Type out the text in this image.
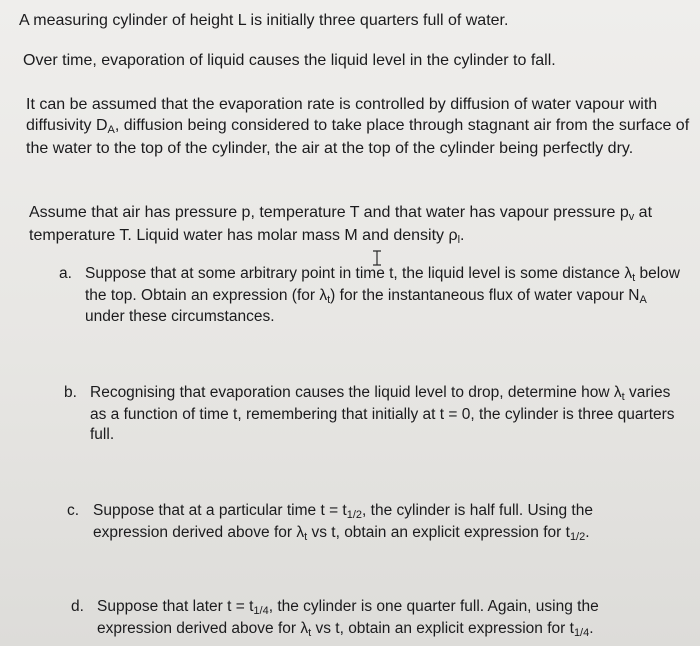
A measuring cylinder of height L is initially three quarters full of water.

Over time, evaporation of liquid causes the liquid level in the cylinder to fall.

It can be assumed that the evaporation rate is controlled by diffusion of water vapour with diffusivity DA, diffusion being considered to take place through stagnant air from the surface of the water to the top of the cylinder, the air at the top of the cylinder being perfectly dry.

Assume that air has pressure p, temperature T and that water has vapour pressure pv at temperature T. Liquid water has molar mass M and density ρl.

a. Suppose that at some arbitrary point in time t, the liquid level is some distance λt below the top. Obtain an expression (for λt) for the instantaneous flux of water vapour NA under these circumstances.
b. Recognising that evaporation causes the liquid level to drop, determine how λt varies as a function of time t, remembering that initially at t = 0, the cylinder is three quarters full.
c. Suppose that at a particular time t = t1/2, the cylinder is half full. Using the expression derived above for λt vs t, obtain an explicit expression for t1/2.
d. Suppose that later t = t1/4, the cylinder is one quarter full. Again, using the expression derived above for λt vs t, obtain an explicit expression for t1/4.
